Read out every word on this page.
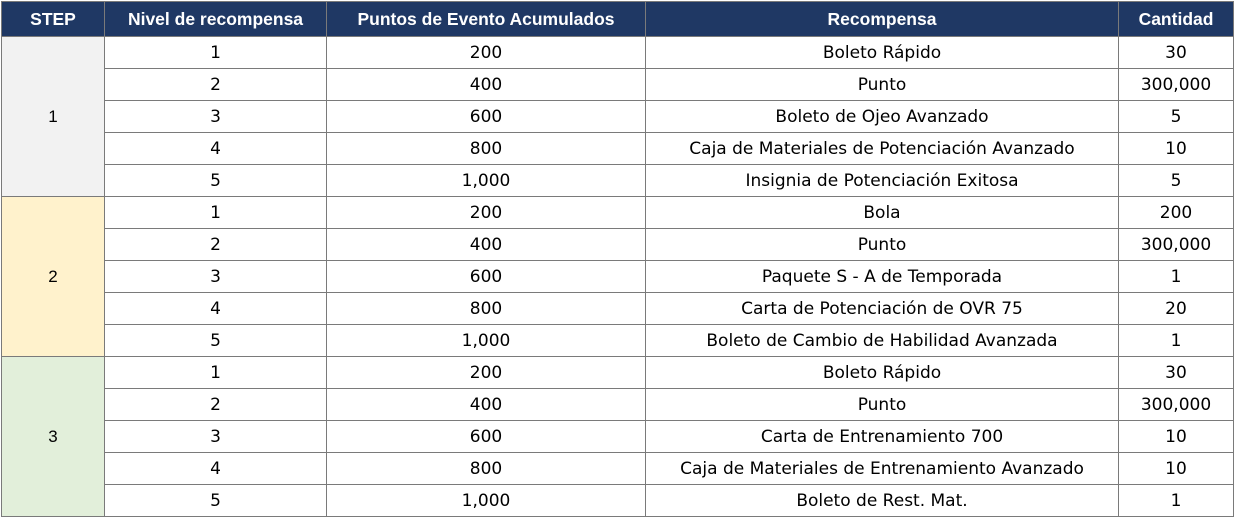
STEP	Nivel de recompensa	Puntos de Evento Acumulados	Recompensa	Cantidad
1	1	200	Boleto Rápido	30
	2	400	Punto	300,000
	3	600	Boleto de Ojeo Avanzado	5
	4	800	Caja de Materiales de Potenciación Avanzado	10
	5	1,000	Insignia de Potenciación Exitosa	5
2	1	200	Bola	200
	2	400	Punto	300,000
	3	600	Paquete S - A de Temporada	1
	4	800	Carta de Potenciación de OVR 75	20
	5	1,000	Boleto de Cambio de Habilidad Avanzada	1
3	1	200	Boleto Rápido	30
	2	400	Punto	300,000
	3	600	Carta de Entrenamiento 700	10
	4	800	Caja de Materiales de Entrenamiento Avanzado	10
	5	1,000	Boleto de Rest. Mat.	1
